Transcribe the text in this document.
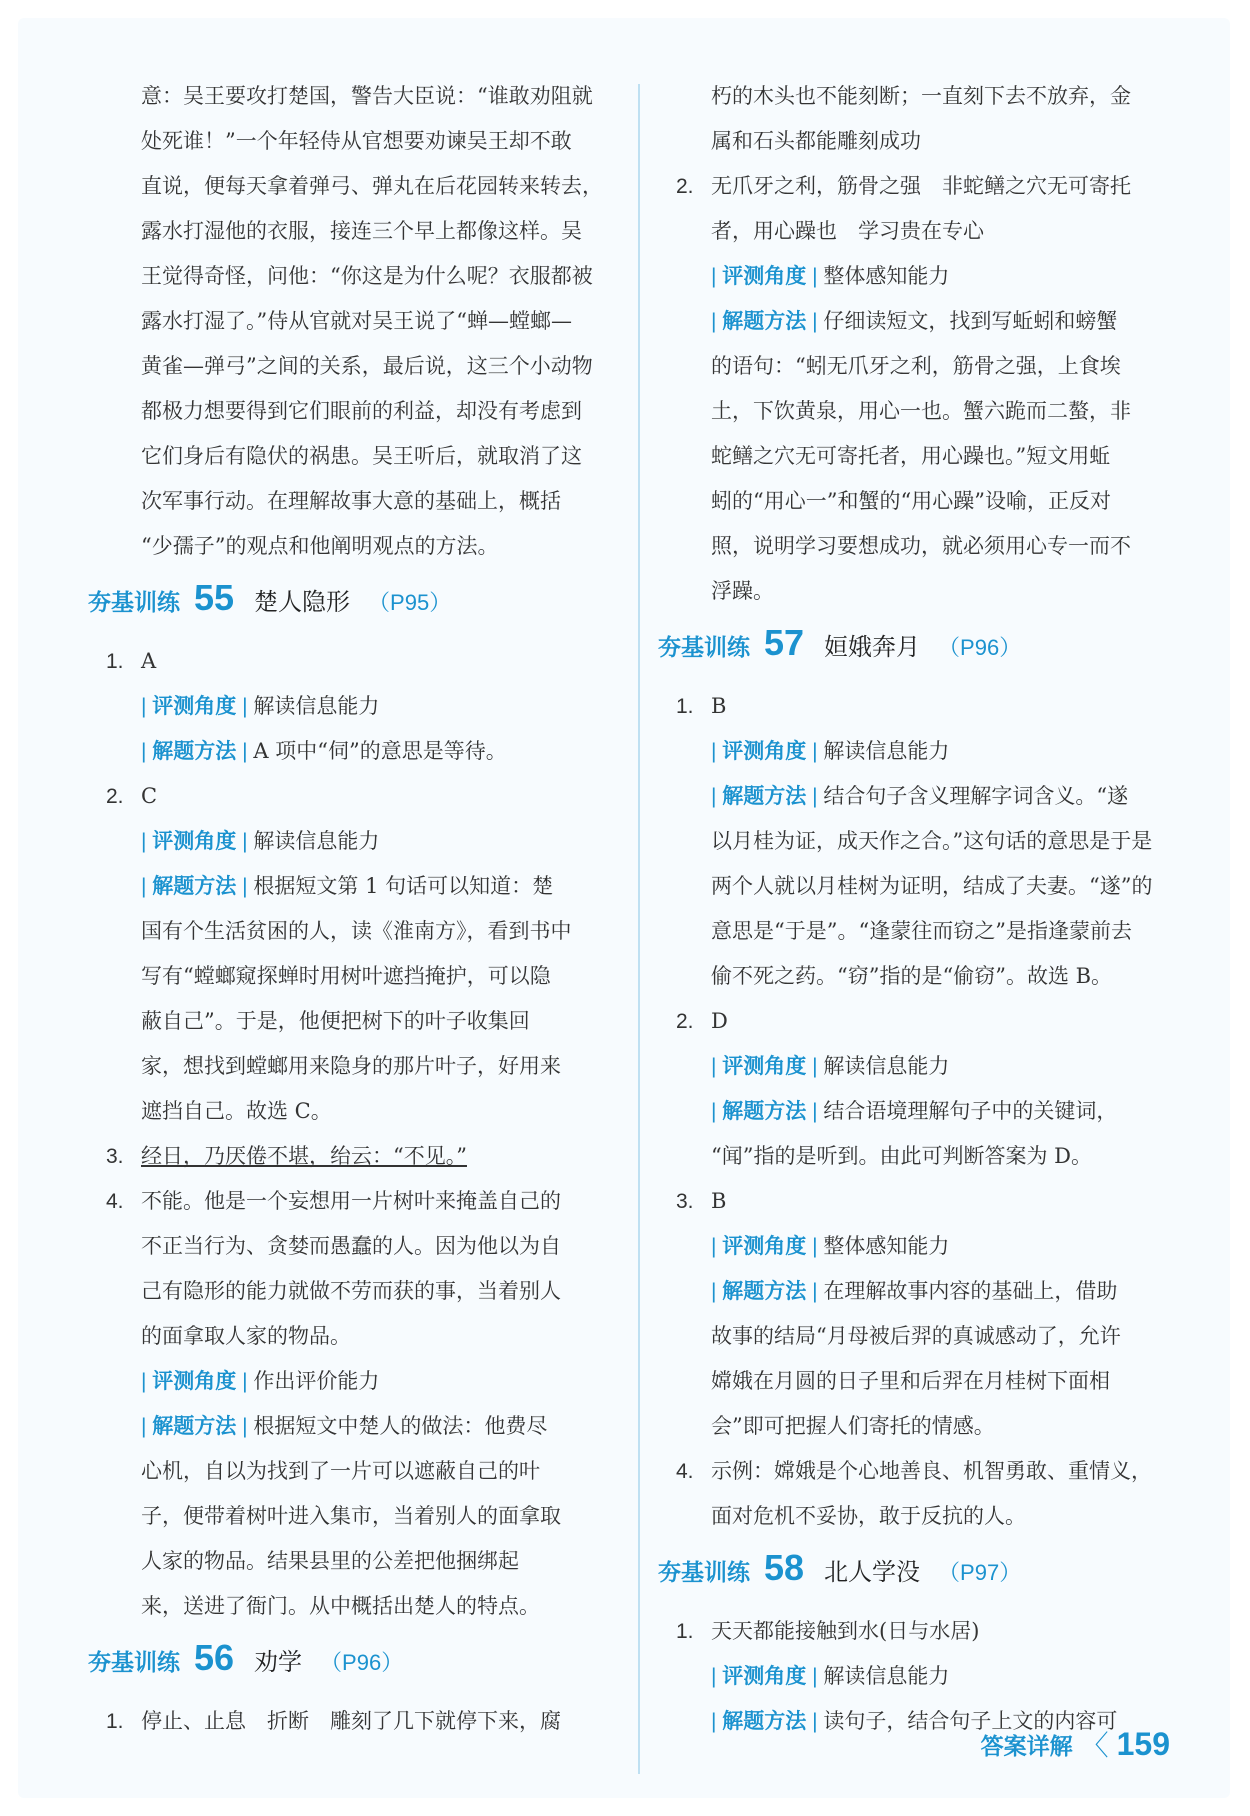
意：吴王要攻打楚国，警告大臣说：“谁敢劝阻就

处死谁！”一个年轻侍从官想要劝谏吴王却不敢

直说，便每天拿着弹弓、弹丸在后花园转来转去，

露水打湿他的衣服，接连三个早上都像这样。吴

王觉得奇怪，问他：“你这是为什么呢？衣服都被

露水打湿了。”侍从官就对吴王说了“蝉—螳螂—

黄雀—弹弓”之间的关系，最后说，这三个小动物

都极力想要得到它们眼前的利益，却没有考虑到

它们身后有隐伏的祸患。吴王听后，就取消了这

次军事行动。在理解故事大意的基础上，概括

“少孺子”的观点和他阐明观点的方法。

夯基训练 55 楚人隐形 （P95）
1. A

| 评测角度 | 解读信息能力

| 解题方法 | A 项中“伺”的意思是等待。

2. C

| 评测角度 | 解读信息能力

| 解题方法 | 根据短文第 1 句话可以知道：楚

国有个生活贫困的人，读《淮南方》，看到书中

写有“螳螂窥探蝉时用树叶遮挡掩护，可以隐

蔽自己”。于是，他便把树下的叶子收集回

家，想找到螳螂用来隐身的那片叶子，好用来

遮挡自己。故选 C。

3. 经日，乃厌倦不堪，绐云：“不见。”
4. 不能。他是一个妄想用一片树叶来掩盖自己的

不正当行为、贪婪而愚蠢的人。因为他以为自

己有隐形的能力就做不劳而获的事，当着别人

的面拿取人家的物品。

| 评测角度 | 作出评价能力

| 解题方法 | 根据短文中楚人的做法：他费尽

心机，自以为找到了一片可以遮蔽自己的叶

子，便带着树叶进入集市，当着别人的面拿取

人家的物品。结果县里的公差把他捆绑起

来，送进了衙门。从中概括出楚人的特点。

夯基训练 56 劝学 （P96）
1. 停止、止息　折断　雕刻了几下就停下来，腐

朽的木头也不能刻断；一直刻下去不放弃，金

属和石头都能雕刻成功

2. 无爪牙之利，筋骨之强　非蛇鳝之穴无可寄托

者，用心躁也　学习贵在专心

| 评测角度 | 整体感知能力

| 解题方法 | 仔细读短文，找到写蚯蚓和螃蟹

的语句：“蚓无爪牙之利，筋骨之强，上食埃

土，下饮黄泉，用心一也。蟹六跪而二螯，非

蛇鳝之穴无可寄托者，用心躁也。”短文用蚯

蚓的“用心一”和蟹的“用心躁”设喻，正反对

照，说明学习要想成功，就必须用心专一而不

浮躁。

夯基训练 57 姮娥奔月 （P96）
1. B

| 评测角度 | 解读信息能力

| 解题方法 | 结合句子含义理解字词含义。“遂

以月桂为证，成天作之合。”这句话的意思是于是

两个人就以月桂树为证明，结成了夫妻。“遂”的

意思是“于是”。“逢蒙往而窃之”是指逢蒙前去

偷不死之药。“窃”指的是“偷窃”。故选 B。

2. D

| 评测角度 | 解读信息能力

| 解题方法 | 结合语境理解句子中的关键词，

“闻”指的是听到。由此可判断答案为 D。

3. B

| 评测角度 | 整体感知能力

| 解题方法 | 在理解故事内容的基础上，借助

故事的结局“月母被后羿的真诚感动了，允许

嫦娥在月圆的日子里和后羿在月桂树下面相

会”即可把握人们寄托的情感。

4. 示例：嫦娥是个心地善良、机智勇敢、重情义，

面对危机不妥协，敢于反抗的人。

夯基训练 58 北人学没 （P97）
1. 天天都能接触到水(日与水居)

| 评测角度 | 解读信息能力

| 解题方法 | 读句子，结合句子上文的内容可

答案详解 〈 159
